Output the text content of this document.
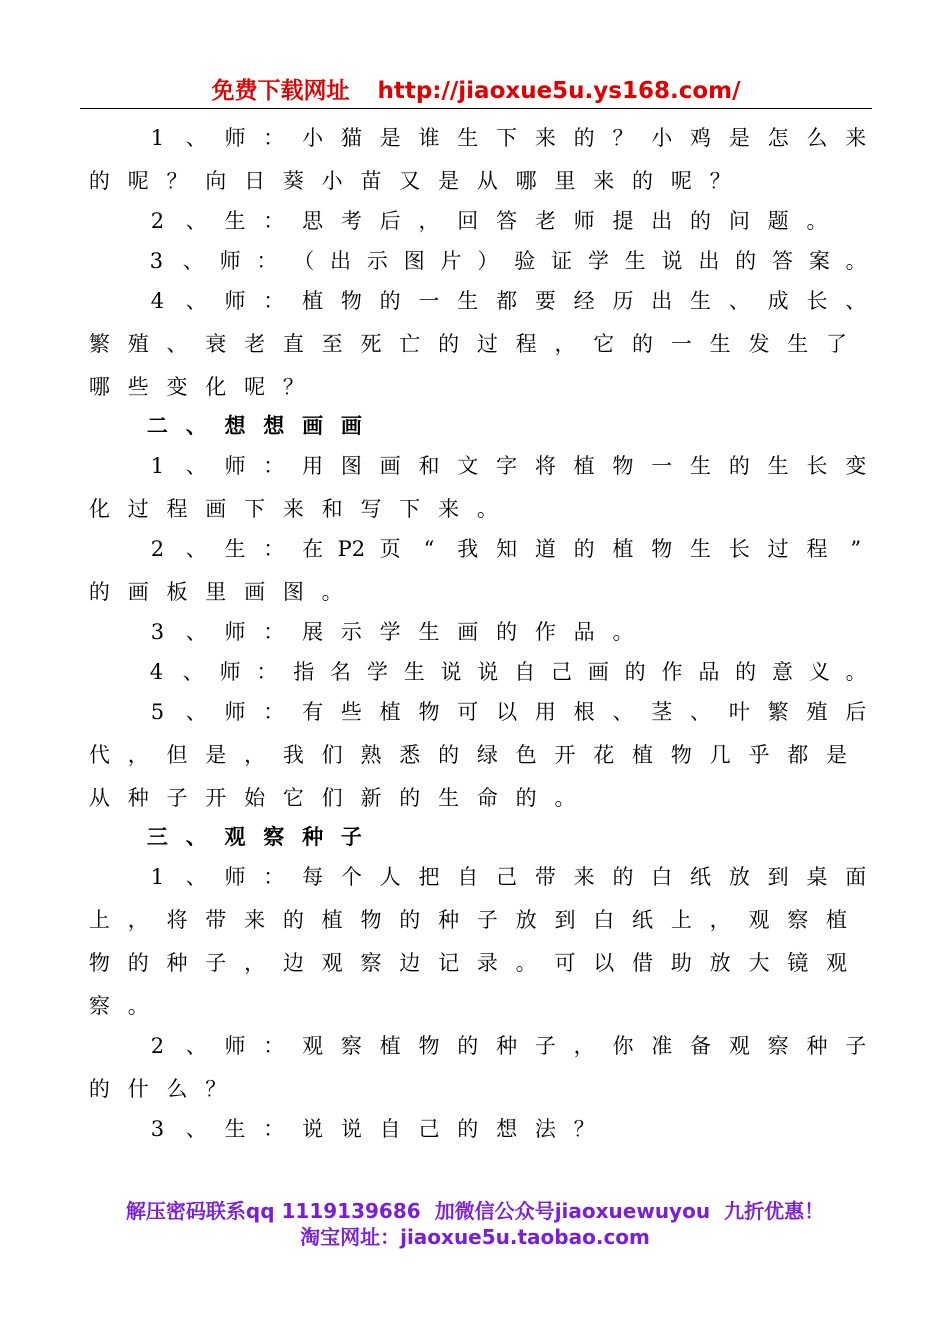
免费下载网址 http://jiaoxue5u.ys168.com/
1 、 师 ： 小 猫 是 谁 生 下 来 的 ？ 小 鸡 是 怎 么 来
的 呢 ？ 向 日 葵 小 苗 又 是 从 哪 里 来 的 呢 ？
2 、 生 ： 思 考 后 ， 回 答 老 师 提 出 的 问 题 。
3 、 师 ： （ 出 示 图 片 ） 验 证 学 生 说 出 的 答 案 。
4 、 师 ： 植 物 的 一 生 都 要 经 历 出 生 、 成 长 、
繁 殖 、 衰 老 直 至 死 亡 的 过 程 ， 它 的 一 生 发 生 了
哪 些 变 化 呢 ？
二 、 想 想 画 画
1 、 师 ： 用 图 画 和 文 字 将 植 物 一 生 的 生 长 变
化 过 程 画 下 来 和 写 下 来 。
2 、 生 ： 在 P2 页 “ 我 知 道 的 植 物 生 长 过 程 ”
的 画 板 里 画 图 。
3 、 师 ： 展 示 学 生 画 的 作 品 。
4 、 师 ： 指 名 学 生 说 说 自 己 画 的 作 品 的 意 义 。
5 、 师 ： 有 些 植 物 可 以 用 根 、 茎 、 叶 繁 殖 后
代 ， 但 是 ， 我 们 熟 悉 的 绿 色 开 花 植 物 几 乎 都 是
从 种 子 开 始 它 们 新 的 生 命 的 。
三 、 观 察 种 子
1 、 师 ： 每 个 人 把 自 己 带 来 的 白 纸 放 到 桌 面
上 ， 将 带 来 的 植 物 的 种 子 放 到 白 纸 上 ， 观 察 植
物 的 种 子 ， 边 观 察 边 记 录 。 可 以 借 助 放 大 镜 观
察 。
2 、 师 ： 观 察 植 物 的 种 子 ， 你 准 备 观 察 种 子
的 什 么 ？
3 、 生 ： 说 说 自 己 的 想 法 ？
解压密码联系qq 1119139686 加微信公众号jiaoxuewuyou 九折优惠！
淘宝网址：jiaoxue5u.taobao.com
